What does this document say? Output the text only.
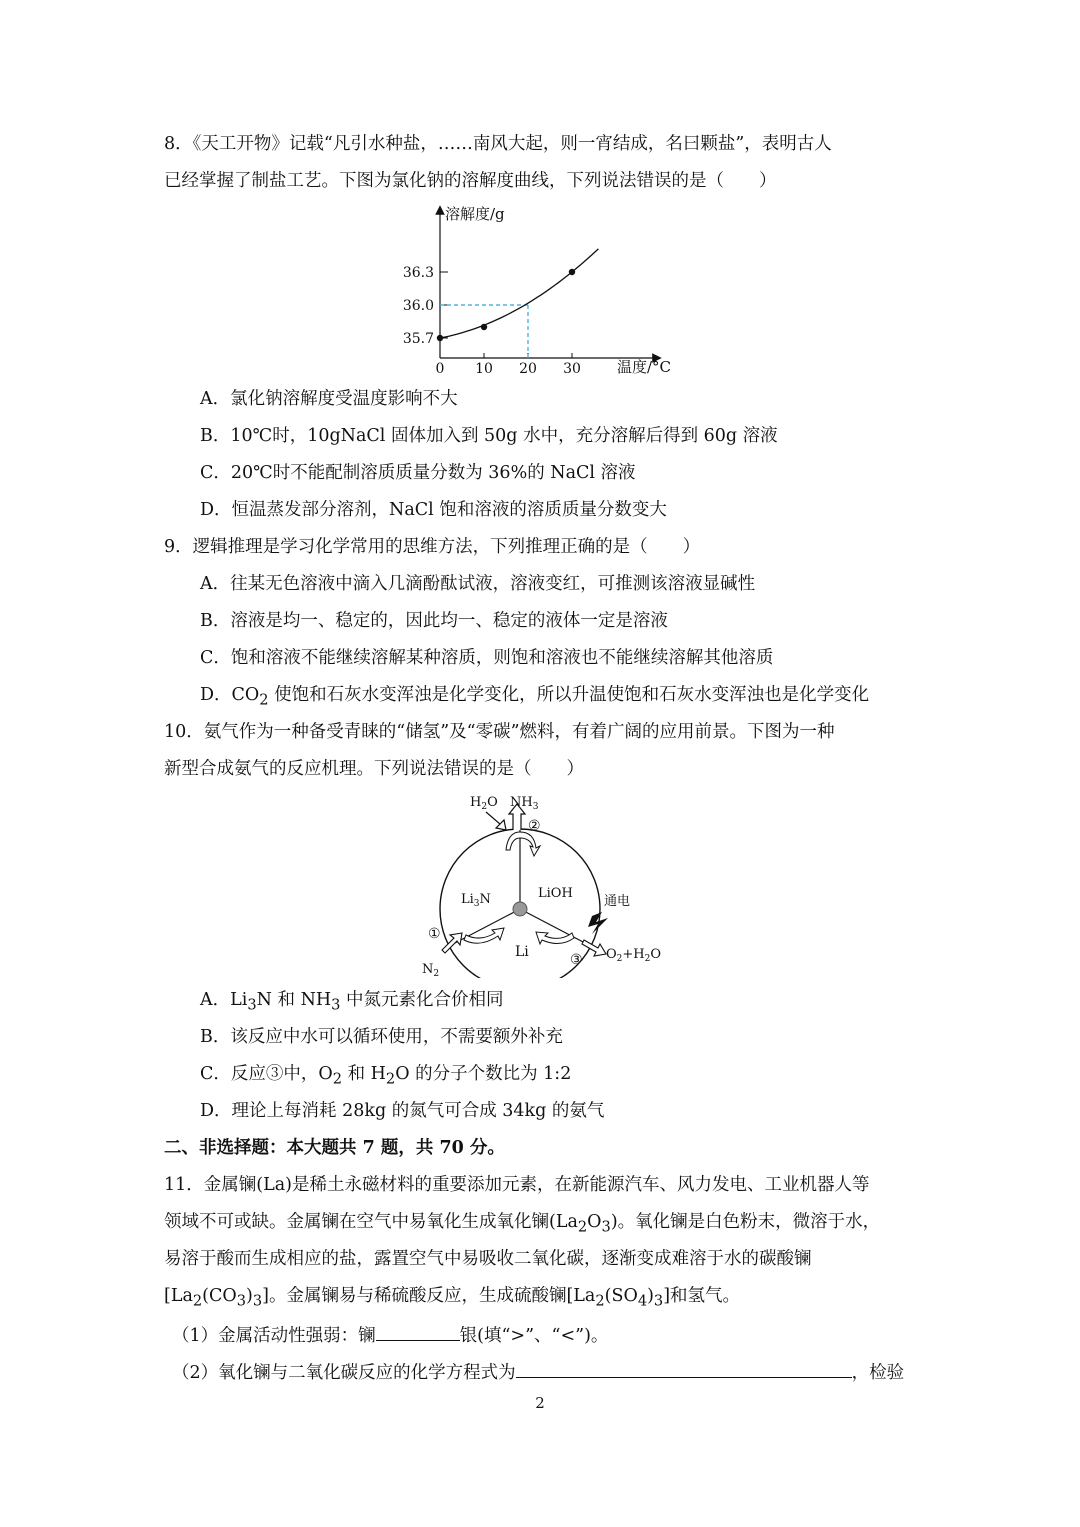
8．《天工开物》记载“凡引水种盐，……南风大起，则一宵结成，名曰颗盐”，表明古人
已经掌握了制盐工艺。下图为氯化钠的溶解度曲线，下列说法错误的是（　　）
溶解度/g
温度/°C
0 10 20 30
35.7
36.0
36.3
A．氯化钠溶解度受温度影响不大
B．10℃时，10gNaCl 固体加入到 50g 水中，充分溶解后得到 60g 溶液
C．20℃时不能配制溶质质量分数为 36%的 NaCl 溶液
D．恒温蒸发部分溶剂，NaCl 饱和溶液的溶质质量分数变大
9．逻辑推理是学习化学常用的思维方法，下列推理正确的是（　　）
A．往某无色溶液中滴入几滴酚酞试液，溶液变红，可推测该溶液显碱性
B．溶液是均一、稳定的，因此均一、稳定的液体一定是溶液
C．饱和溶液不能继续溶解某种溶质，则饱和溶液也不能继续溶解其他溶质
D．$CO_2$ 使饱和石灰水变浑浊是化学变化，所以升温使饱和石灰水变浑浊也是化学变化
10．氨气作为一种备受青睐的“储氢”及“零碳”燃料，有着广阔的应用前景。下图为一种
新型合成氨气的反应机理。下列说法错误的是（　　）
$H_2O$ $NH_3$
②
$Li_3N$	LiOH
通电
①
Li	③ $O_2+H_2O$
$N_2$
A．$Li_3N$ 和 $NH_3$ 中氮元素化合价相同
B．该反应中水可以循环使用，不需要额外补充
C．反应③中，$O_2$ 和 $H_2O$ 的分子个数比为 1:2
D．理论上每消耗 28kg 的氮气可合成 34kg 的氨气
二、非选择题：本大题共 7 题，共 70 分。
11．金属镧(La)是稀土永磁材料的重要添加元素，在新能源汽车、风力发电、工业机器人等
领域不可或缺。金属镧在空气中易氧化生成氧化镧$(La_2O_3)$。氧化镧是白色粉末，微溶于水，
易溶于酸而生成相应的盐，露置空气中易吸收二氧化碳，逐渐变成难溶于水的碳酸镧
$[La_2(CO_3)_3]$。金属镧易与稀硫酸反应，生成硫酸镧$[La_2(SO_4)_3]$和氢气。
（1）金属活动性强弱：镧	银(填“>”、“<”)。
（2）氧化镧与二氧化碳反应的化学方程式为	，检验
2
